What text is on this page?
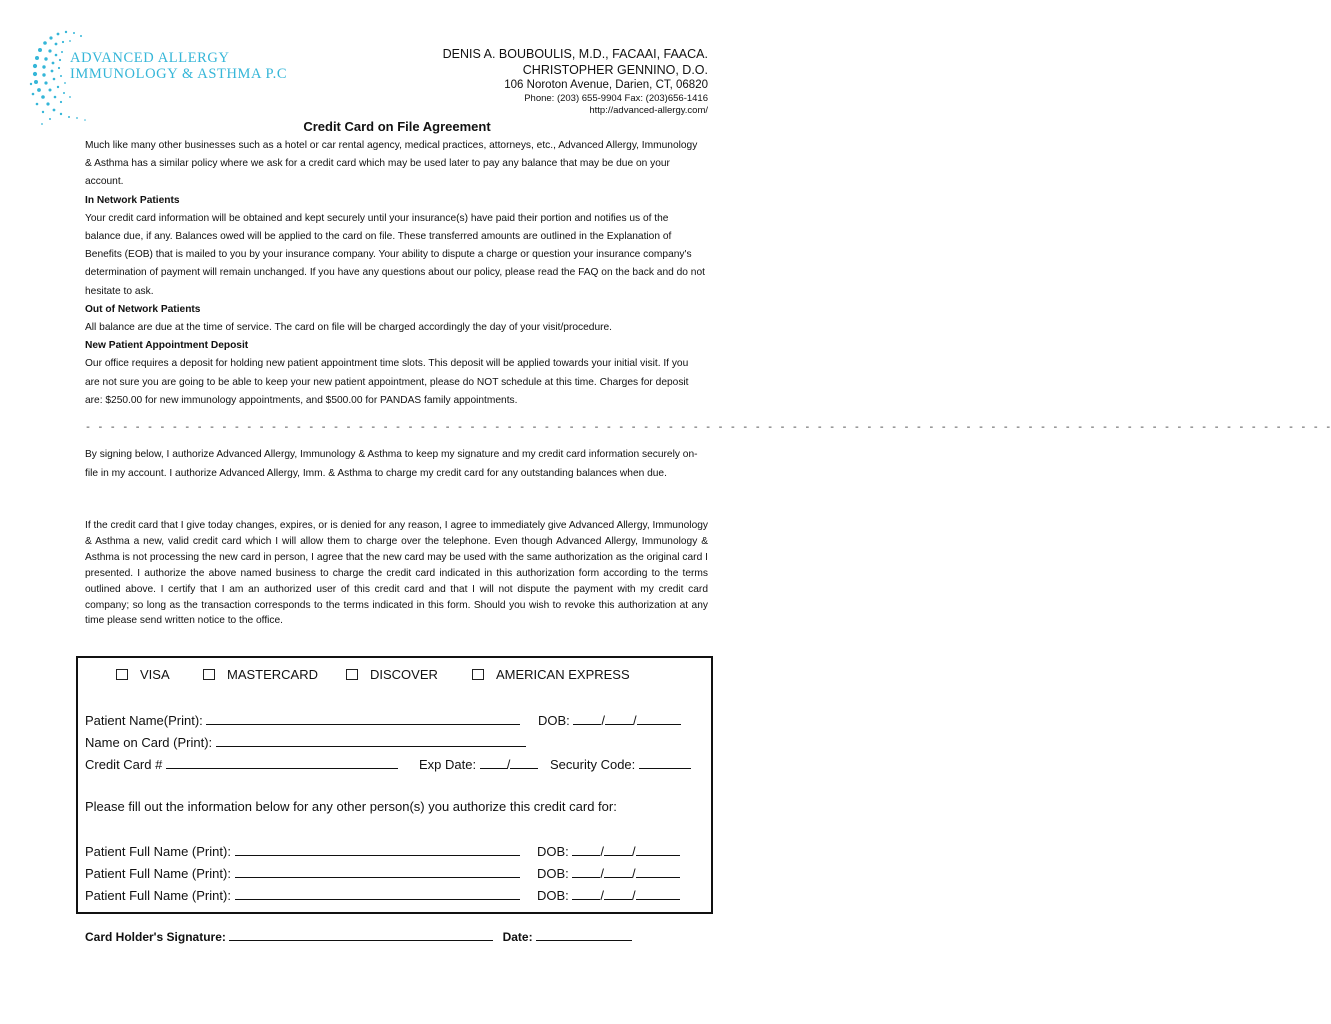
ADVANCED ALLERGY
IMMUNOLOGY & ASTHMA P.C
DENIS A. BOUBOULIS, M.D., FACAAI, FAACA.
CHRISTOPHER GENNINO, D.O.
106 Noroton Avenue, Darien, CT, 06820
Phone: (203) 655-9904 Fax: (203)656-1416
http://advanced-allergy.com/
Credit Card on File Agreement

Much like many other businesses such as a hotel or car rental agency, medical practices, attorneys, etc., Advanced Allergy, Immunology & Asthma has a similar policy where we ask for a credit card which may be used later to pay any balance that may be due on your account.

In Network Patients

Your credit card information will be obtained and kept securely until your insurance(s) have paid their portion and notifies us of the balance due, if any. Balances owed will be applied to the card on file. These transferred amounts are outlined in the Explanation of Benefits (EOB) that is mailed to you by your insurance company. Your ability to dispute a charge or question your insurance company's determination of payment will remain unchanged. If you have any questions about our policy, please read the FAQ on the back and do not hesitate to ask.

Out of Network Patients

All balance are due at the time of service. The card on file will be charged accordingly the day of your visit/procedure.

New Patient Appointment Deposit

Our office requires a deposit for holding new patient appointment time slots. This deposit will be applied towards your initial visit. If you are not sure you are going to be able to keep your new patient appointment, please do NOT schedule at this time. Charges for deposit are: $250.00 for new immunology appointments, and $500.00 for PANDAS family appointments.

- - - - - - - - - - - - - - - - - - - - - - - - - - - - - - - - - - - - - - - - - - - - - - - - - - - - - - - - - - - - - - - - - - - - - - - - - - - - - - - - - - - - - - - - - - - - - - - - - - - - -
By signing below, I authorize Advanced Allergy, Immunology & Asthma to keep my signature and my credit card information securely on-file in my account. I authorize Advanced Allergy, Imm. & Asthma to charge my credit card for any outstanding balances when due.
If the credit card that I give today changes, expires, or is denied for any reason, I agree to immediately give Advanced Allergy, Immunology & Asthma a new, valid credit card which I will allow them to charge over the telephone. Even though Advanced Allergy, Immunology & Asthma is not processing the new card in person, I agree that the new card may be used with the same authorization as the original card I presented. I authorize the above named business to charge the credit card indicated in this authorization form according to the terms outlined above. I certify that I am an authorized user of this credit card and that I will not dispute the payment with my credit card company; so long as the transaction corresponds to the terms indicated in this form. Should you wish to revoke this authorization at any time please send written notice to the office.
VISA	MASTERCARD	DISCOVER	AMERICAN EXPRESS
Patient Name(Print):	DOB: / /
Name on Card (Print):
Credit Card #	Exp Date: /	Security Code:
Please fill out the information below for any other person(s) you authorize this credit card for:
Patient Full Name (Print):	DOB: / /
Patient Full Name (Print):	DOB: / /
Patient Full Name (Print):	DOB: / /
Card Holder's Signature:	Date:
